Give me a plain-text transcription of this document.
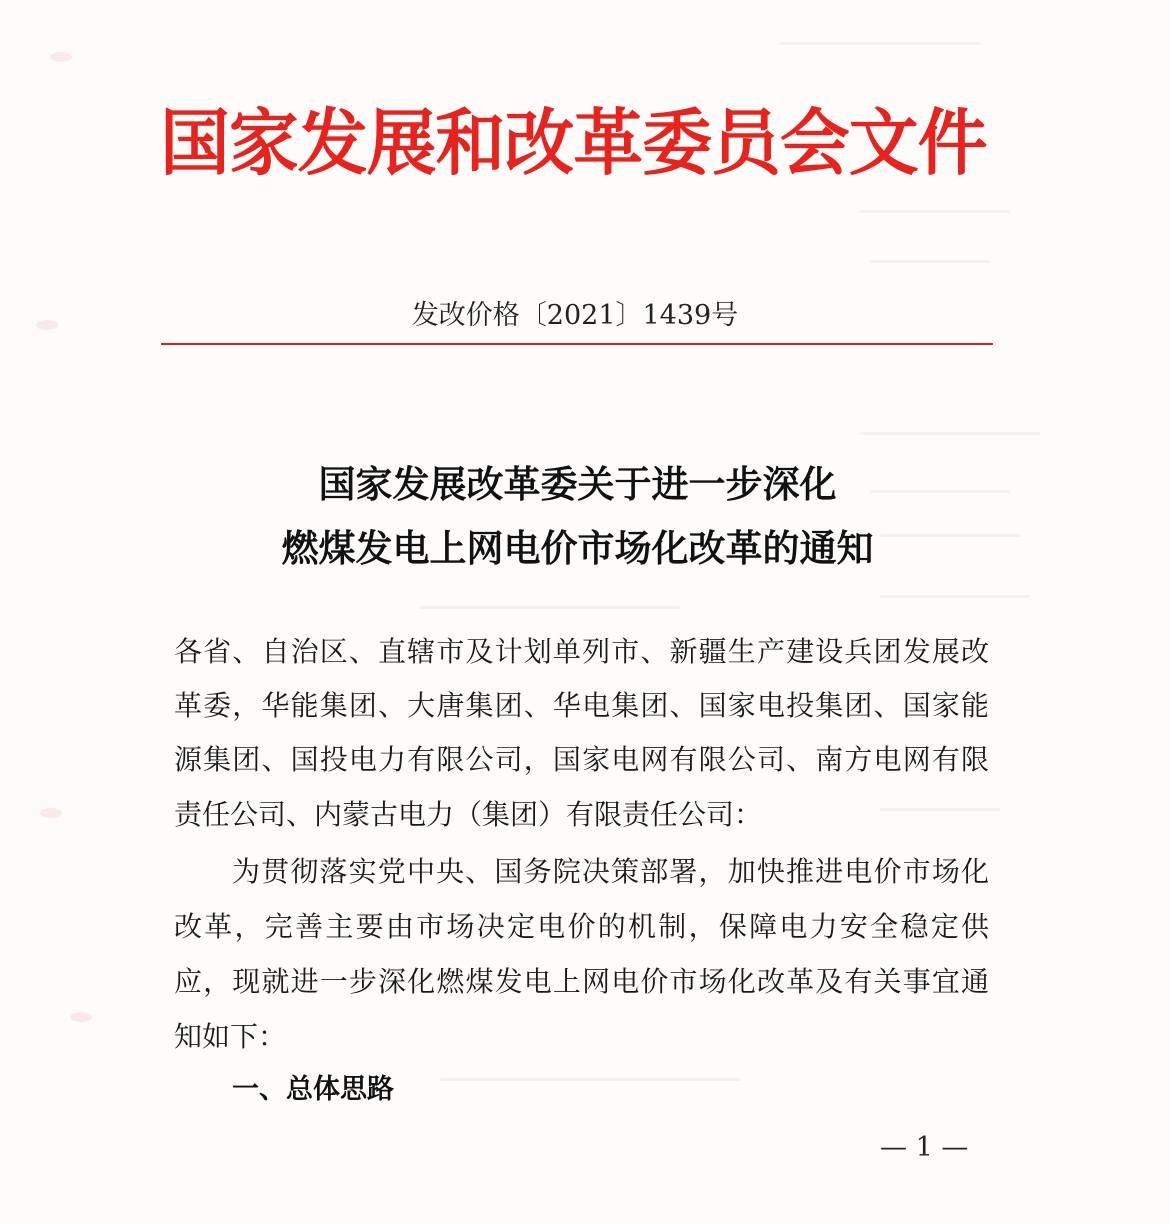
国家发展和改革委员会文件
发改价格〔2021〕1439号
国家发展改革委关于进一步深化
燃煤发电上网电价市场化改革的通知
各省、自治区、直辖市及计划单列市、新疆生产建设兵团发展改
革委，华能集团、大唐集团、华电集团、国家电投集团、国家能
源集团、国投电力有限公司，国家电网有限公司、南方电网有限
责任公司、内蒙古电力（集团）有限责任公司：
为贯彻落实党中央、国务院决策部署，加快推进电价市场化
改革，完善主要由市场决定电价的机制，保障电力安全稳定供
应，现就进一步深化燃煤发电上网电价市场化改革及有关事宜通
知如下：
一、总体思路
— 1 —
